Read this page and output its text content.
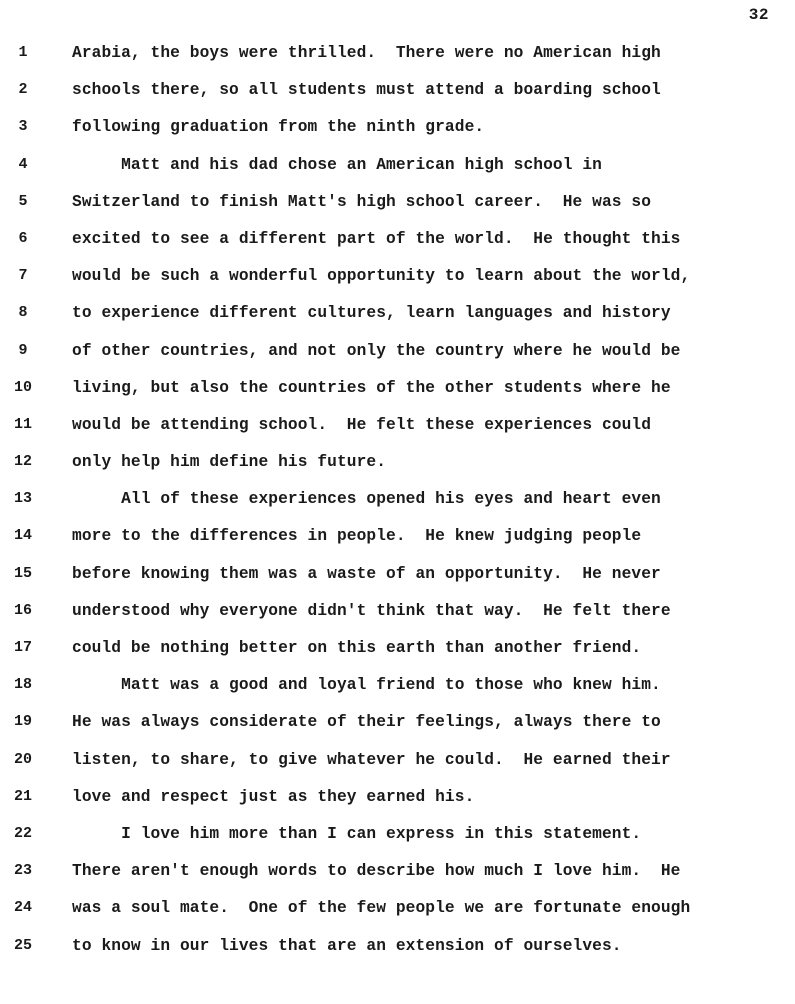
32
1	Arabia, the boys were thrilled.  There were no American high
2	schools there, so all students must attend a boarding school
3	following graduation from the ninth grade.
4	Matt and his dad chose an American high school in
5	Switzerland to finish Matt's high school career.  He was so
6	excited to see a different part of the world.  He thought this
7	would be such a wonderful opportunity to learn about the world,
8	to experience different cultures, learn languages and history
9	of other countries, and not only the country where he would be
10 living, but also the countries of the other students where he
11 would be attending school.  He felt these experiences could
12 only help him define his future.
13 All of these experiences opened his eyes and heart even
14 more to the differences in people.  He knew judging people
15 before knowing them was a waste of an opportunity.  He never
16 understood why everyone didn't think that way.  He felt there
17 could be nothing better on this earth than another friend.
18 Matt was a good and loyal friend to those who knew him.
19 He was always considerate of their feelings, always there to
20 listen, to share, to give whatever he could.  He earned their
21 love and respect just as they earned his.
22 I love him more than I can express in this statement.
23 There aren't enough words to describe how much I love him.  He
24 was a soul mate.  One of the few people we are fortunate enough
25 to know in our lives that are an extension of ourselves.
